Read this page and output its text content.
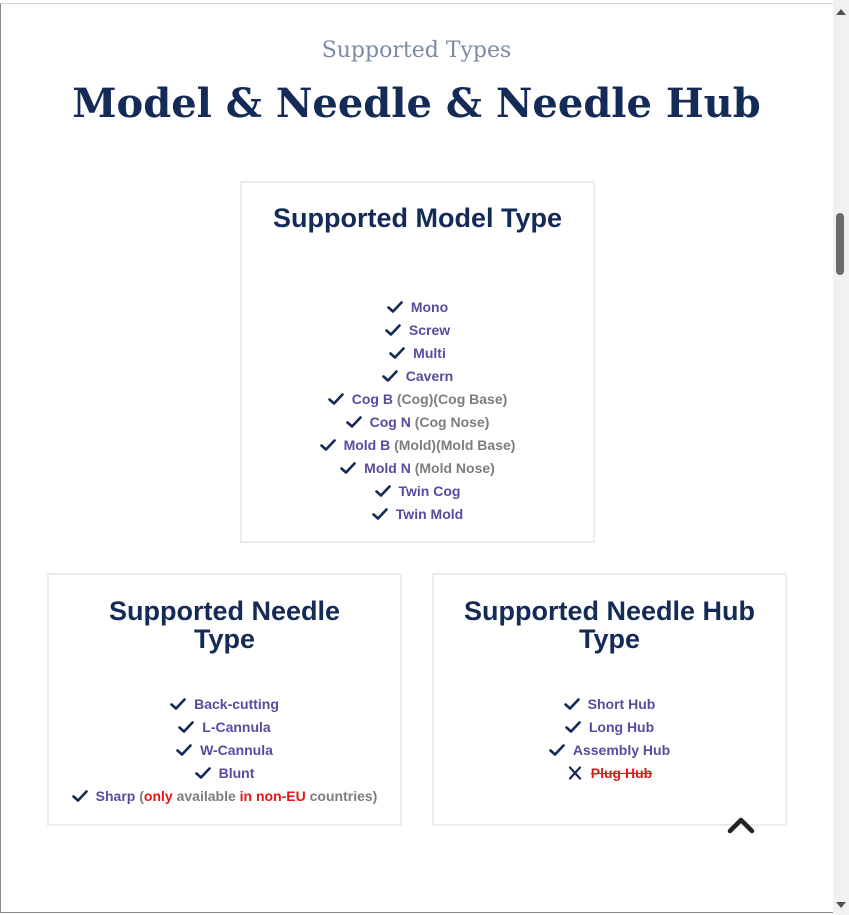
Supported Types
Model & Needle & Needle Hub
Supported Model Type
Mono
Screw
Multi
Cavern
Cog B
(Cog)(Cog Base)
Cog N
(Cog Nose)
Mold B
(Mold)(Mold Base)
Mold N
(Mold Nose)
Twin Cog
Twin Mold
Supported Needle Type
Back-cutting
L-Cannula
W-Cannula
Blunt
Sharp
( only
available
in non-EU
countries)
Supported Needle Hub Type
Short Hub
Long Hub
Assembly Hub
Plug Hub
